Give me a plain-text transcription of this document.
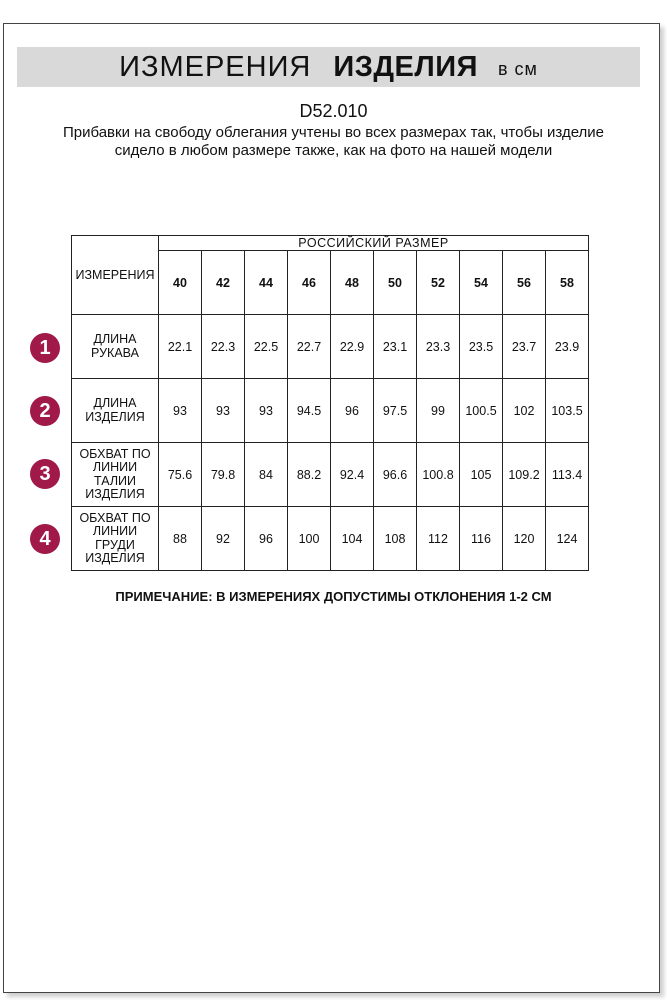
ИЗМЕРЕНИЯ ИЗДЕЛИЯ в см
D52.010
Прибавки на свободу облегания учтены во всех размерах так, чтобы изделие сидело в любом размере также, как на фото на нашей модели
ИЗМЕРЕНИЯ	РОССИЙСКИЙ РАЗМЕР									
	40	42	44	46	48	50	52	54	56	58
ДЛИНА РУКАВА	22.1	22.3	22.5	22.7	22.9	23.1	23.3	23.5	23.7	23.9
ДЛИНА ИЗДЕЛИЯ	93	93	93	94.5	96	97.5	99	100.5	102	103.5
ОБХВАТ ПО ЛИНИИ ТАЛИИ ИЗДЕЛИЯ	75.6	79.8	84	88.2	92.4	96.6	100.8	105	109.2	113.4
ОБХВАТ ПО ЛИНИИ ГРУДИ ИЗДЕЛИЯ	88	92	96	100	104	108	112	116	120	124
1
2
3
4
ПРИМЕЧАНИЕ: В ИЗМЕРЕНИЯХ ДОПУСТИМЫ ОТКЛОНЕНИЯ 1-2 СМ
